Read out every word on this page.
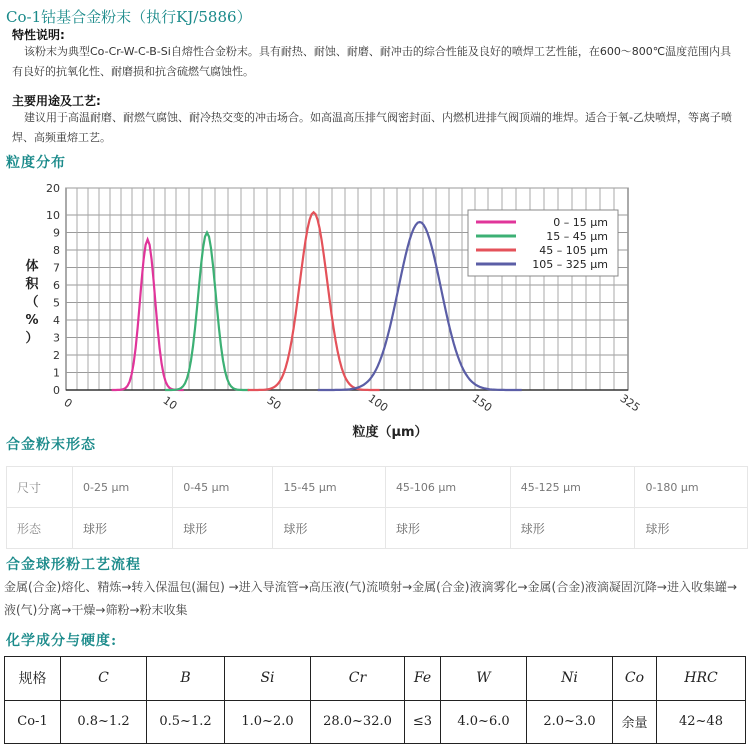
Co-1钴基合金粉末（执行KJ/5886）
特性说明:
该粉末为典型Co-Cr-W-C-B-Si自熔性合金粉末。具有耐热、耐蚀、耐磨、耐冲击的综合性能及良好的喷焊工艺性能，在600～800℃温度范围内具
有良好的抗氧化性、耐磨损和抗含硫燃气腐蚀性。
主要用途及工艺:
建议用于高温耐磨、耐燃气腐蚀、耐冷热交变的冲击场合。如高温高压排气阀密封面、内燃机进排气阀顶端的堆焊。适合于氧-乙炔喷焊，等离子喷
焊、高频重熔工艺。
粒度分布
0
1
2
3
4
5
6
7
8
9
10
20
0	10	50	100	150	325
体
积
（
%
）
粒度（μm）
0 – 15 μm
15 – 45 μm
45 – 105 μm
105 – 325 μm
合金粉末形态
尺寸	0-25 μm	0-45 μm	15-45 μm	45-106 μm	45-125 μm	0-180 μm
形态	球形	球形	球形	球形	球形	球形
合金球形粉工艺流程
金属(合金)熔化、精炼→转入保温包(漏包) →进入导流管→高压液(气)流喷射→金属(合金)液滴雾化→金属(合金)液滴凝固沉降→进入收集罐→液(气)分离→干燥→筛粉→粉末收集
化学成分与硬度:
规格	C	B	Si	Cr	Fe	W	Ni	Co	HRC
Co-1	0.8~1.2	0.5~1.2	1.0~2.0	28.0~32.0	≤3	4.0~6.0	2.0~3.0	余量	42~48
